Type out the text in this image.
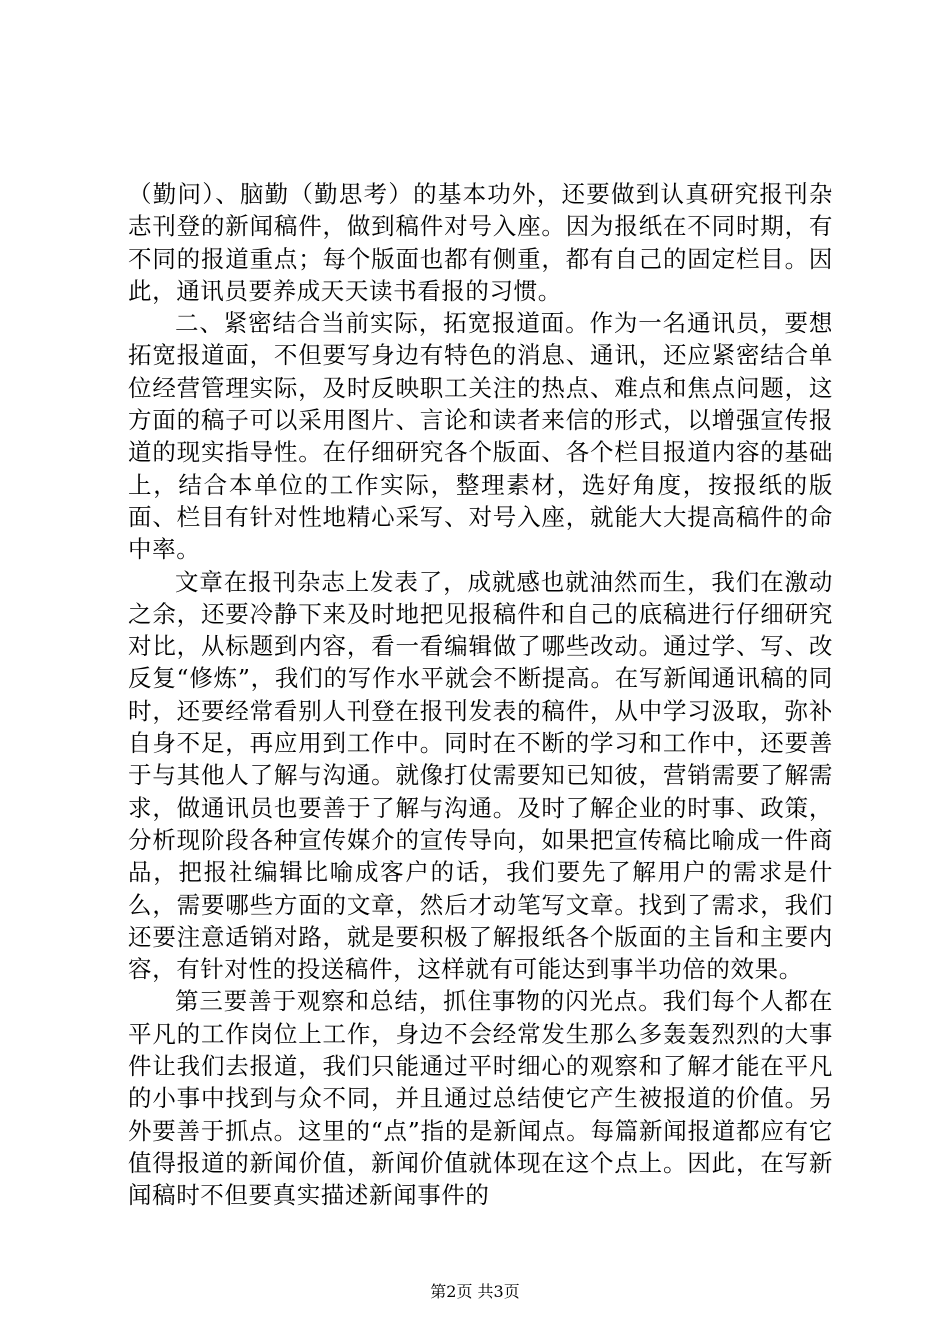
（勤问）、脑勤（勤思考）的基本功外，还要做到认真研究报刊杂志刊登的新闻稿件，做到稿件对号入座。因为报纸在不同时期，有不同的报道重点；每个版面也都有侧重，都有自己的固定栏目。因此，通讯员要养成天天读书看报的习惯。

二、紧密结合当前实际，拓宽报道面。作为一名通讯员，要想拓宽报道面，不但要写身边有特色的消息、通讯，还应紧密结合单位经营管理实际，及时反映职工关注的热点、难点和焦点问题，这方面的稿子可以采用图片、言论和读者来信的形式，以增强宣传报道的现实指导性。在仔细研究各个版面、各个栏目报道内容的基础上，结合本单位的工作实际，整理素材，选好角度，按报纸的版面、栏目有针对性地精心采写、对号入座，就能大大提高稿件的命中率。

文章在报刊杂志上发表了，成就感也就油然而生，我们在激动之余，还要冷静下来及时地把见报稿件和自己的底稿进行仔细研究对比，从标题到内容，看一看编辑做了哪些改动。通过学、写、改反复“修炼”，我们的写作水平就会不断提高。在写新闻通讯稿的同时，还要经常看别人刊登在报刊发表的稿件，从中学习汲取，弥补自身不足，再应用到工作中。同时在不断的学习和工作中，还要善于与其他人了解与沟通。就像打仗需要知已知彼，营销需要了解需求，做通讯员也要善于了解与沟通。及时了解企业的时事、政策，分析现阶段各种宣传媒介的宣传导向，如果把宣传稿比喻成一件商品，把报社编辑比喻成客户的话，我们要先了解用户的需求是什么，需要哪些方面的文章，然后才动笔写文章。找到了需求，我们还要注意适销对路，就是要积极了解报纸各个版面的主旨和主要内容，有针对性的投送稿件，这样就有可能达到事半功倍的效果。

第三要善于观察和总结，抓住事物的闪光点。我们每个人都在平凡的工作岗位上工作，身边不会经常发生那么多轰轰烈烈的大事件让我们去报道，我们只能通过平时细心的观察和了解才能在平凡的小事中找到与众不同，并且通过总结使它产生被报道的价值。另外要善于抓点。这里的“点”指的是新闻点。每篇新闻报道都应有它值得报道的新闻价值，新闻价值就体现在这个点上。因此，在写新闻稿时不但要真实描述新闻事件的

第2页 共3页
